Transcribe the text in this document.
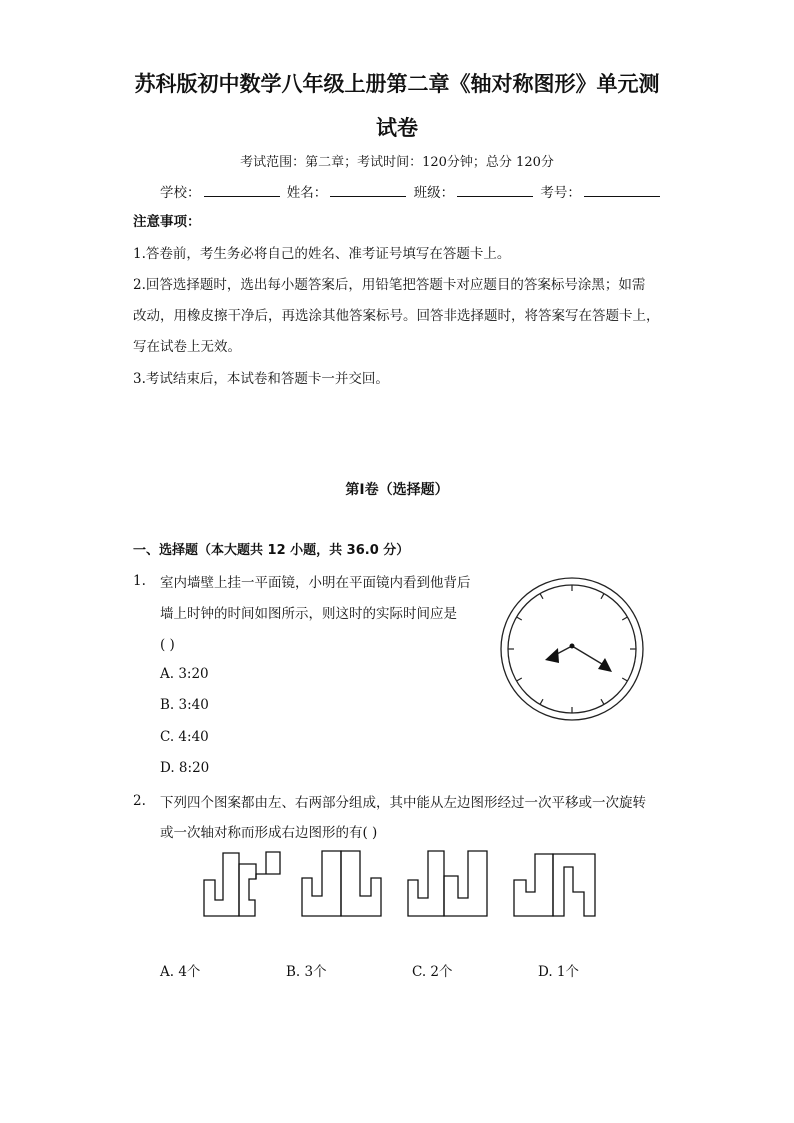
苏科版初中数学八年级上册第二章《轴对称图形》单元测
试卷
考试范围：第二章；考试时间：120分钟；总分 120分
学校：	姓名：	班级：	考号：
注意事项：
1.答卷前，考生务必将自己的姓名、准考证号填写在答题卡上。
2.回答选择题时，选出每小题答案后，用铅笔把答题卡对应题目的答案标号涂黑；如需
改动，用橡皮擦干净后，再选涂其他答案标号。回答非选择题时，将答案写在答题卡上，
写在试卷上无效。
3.考试结束后，本试卷和答题卡一并交回。
第Ⅰ卷（选择题）
一、选择题（本大题共 12 小题，共 36.0 分）
1. 室内墙壁上挂一平面镜，小明在平面镜内看到他背后
墙上时钟的时间如图所示，则这时的实际时间应是
( )
A. 3:20
B. 3:40
C. 4:40
D. 8:20
2. 下列四个图案都由左、右两部分组成，其中能从左边图形经过一次平移或一次旋转
或一次轴对称而形成右边图形的有( )
A. 4个	B. 3个	C. 2个	D. 1个
